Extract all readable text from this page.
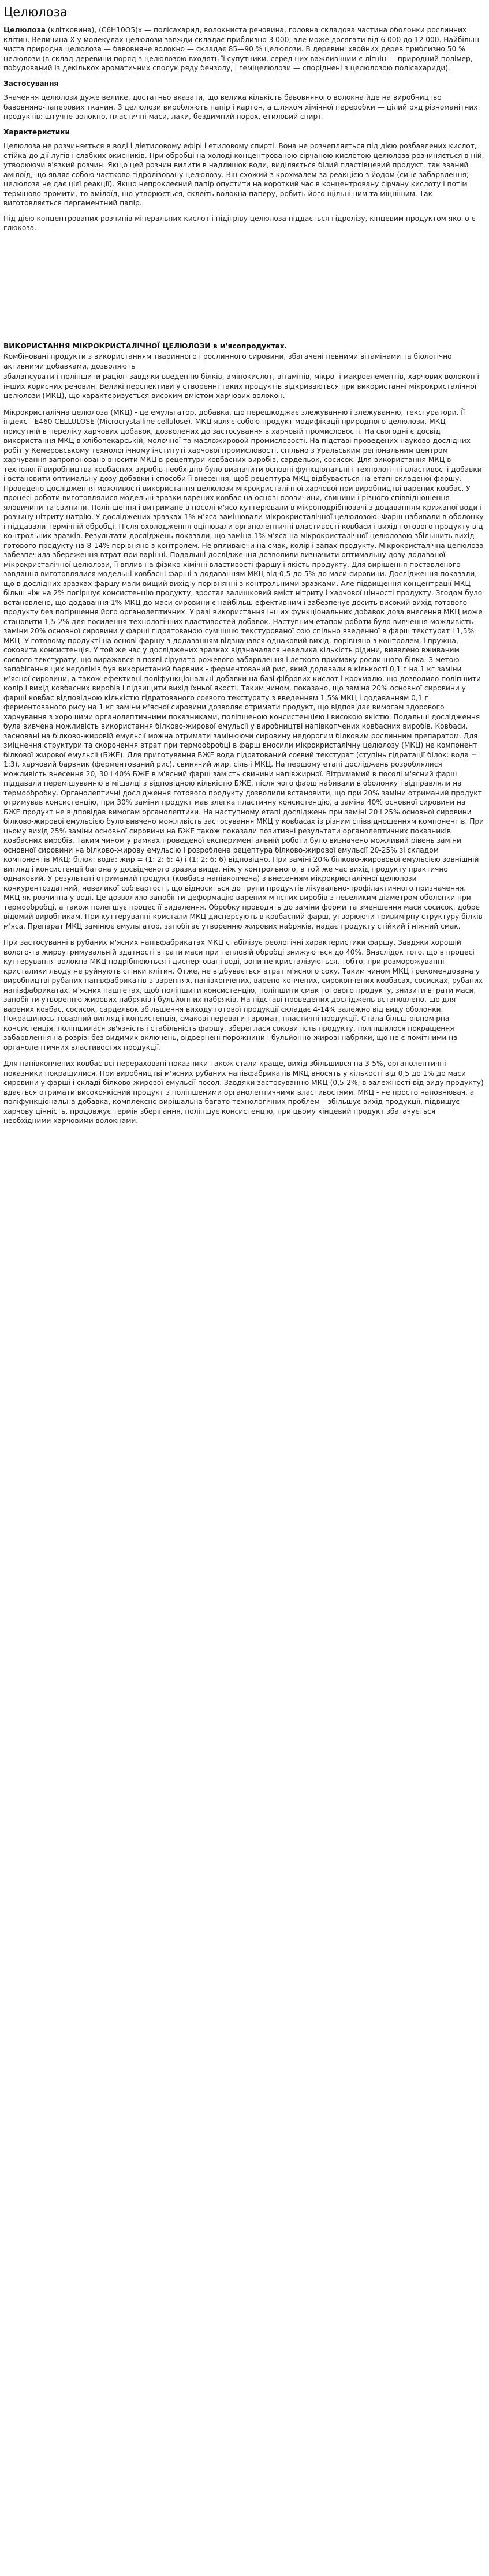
Целюлоза

Целюлоза (клітковина), (C6H10O5)x — полісахарид, волокниста речовина, головна складова частина оболонки рослинних клітин. Величина X у молекулах целюлози завжди складає приблизно 3 000, але може досягати від 6 000 до 12 000. Найбільш чиста природна целюлоза — бавовняне волокно — складає 85—90 % целюлози. В деревині хвойних дерев приблизно 50 % целюлози (в склад деревини поряд з целюлозою входять її супутники, серед них важливішим є лігнін — природний полімер, побудований із декількох ароматичних сполук ряду бензолу, і геміцелюлози — споріднені з целюлозою полісахариди).

Застосування

Значення целюлози дуже велике, достатньо вказати, що велика кількість бавовняного волокна йде на виробництво бавовняно-паперових тканин. З целюлози виробляють папір і картон, а шляхом хімічної переробки — цілий ряд різноманітних продуктів: штучне волокно, пластичні маси, лаки, бездимний порох, етиловий спирт.

Характеристики

Целюлоза не розчиняється в воді і діетиловому ефірі і етиловому спирті. Вона не розчепляється під дією розбавлених кислот, стійка до дії лугів і слабких окисників. При обробці на холоді концентрованою сірчаною кислотою целюлоза розчиняється в ній, утворюючи в'язкий розчин. Якщо цей розчин вилити в надлишок води, виділяється білий пластівцевий продукт, так званий амілоїд, що являє собою частково гідролізовану целюлозу. Він схожий з крохмалем за реакцією з йодом (синє забарвлення; целюлоза не дає цієї реакції). Якщо непроклеєний папір опустити на короткий час в концентровану сірчану кислоту і потім терміново промити, то амілоїд, що утворюється, склеїть волокна паперу, робить його щільнішим та міцнішим. Так виготовляється пергаментний папір.

Під дією концентрованих розчинів мінеральних кислот і підігріву целюлоза піддається гідролізу, кінцевим продуктом якого є глюкоза.

ВИКОРИСТАННЯ МІКРОКРИСТАЛІЧНОЇ ЦЕЛЮЛОЗИ в м'ясопродуктах.

Комбіновані продукти з використанням тваринного і рослинного сировини, збагачені певними вітамінами та біологічно активними добавками, дозволяють

збалансувати і поліпшити раціон завдяки введенню білків, амінокислот, вітамінів, мікро- і макроелементів, харчових волокон і інших корисних речовин. Великі перспективи у створенні таких продуктів відкриваються при використанні мікрокристалічної целюлози (МКЦ), що характеризується високим вмістом харчових волокон.

Мікрокристалічна целюлоза (МКЦ) - це емульгатор, добавка, що перешкоджає злежуванню і злежуванню, текстуратори. Її індекс - Е460 CELLULOSE (Microcrystalline cellulose). МКЦ являє собою продукт модифікації природного целюлози. МКЦ присутній в переліку харчових добавок, дозволених до застосування в харчовій промисловості. На сьогодні є досвід використання МКЦ в хлібопекарській, молочної та масложировой промисловості. На підставі проведених науково-дослідних робіт у Кемеровському технологічному інституті харчової промисловості, спільно з Уральським регіональним центром харчування запропоновано вносити МКЦ в рецептури ковбасних виробів, сардельок, сосисок. Для використання МКЦ в технології виробництва ковбасних виробів необхідно було визначити основні функціональні і технологічні властивості добавки і встановити оптимальну дозу добавки і способи її внесення, щоб рецептура МКЦ відбувається на етапі складеної фаршу. Проведено дослідження можливості використання целюлози мікрокристалічної харчової при виробництві варених ковбас. У процесі роботи виготовлялися модельні зразки варених ковбас на основі яловичини, свинини і різного співвідношення яловичини та свинини. Поліпшення і витримане в посолі м'ясо куттерювали в мікроподрібнювачі з додаванням крижаної води і розчину нітриту натрію. У досліджених зразках 1% м'яса замінювали мікрокристалічної целюлозою. Фарш набивали в оболонку і піддавали термічній обробці. Після охолодження оцінювали органолептичні властивості ковбаси і вихід готового продукту від контрольних зразків. Результати досліджень показали, що заміна 1% м'яса на мікрокристалічної целюлозою збільшить вихід готового продукту на 8-14% порівняно з контролем. Не впливаючи на смак, колір і запах продукту. Мікрокристалічна целюлоза забезпечила збереження втрат при варінні. Подальші дослідження дозволили визначити оптимальну дозу додаваної мікрокристалічної целюлози, її вплив на фізико-хімічні властивості фаршу і якість продукту. Для вирішення поставленого завдання виготовлялися модельні ковбасні фарші з додаванням МКЦ від 0,5 до 5% до маси сировини. Дослідження показали, що в дослідних зразках фаршу мали вищий вихід у порівнянні з контрольними зразками. Але підвищення концентрації МКЦ більш ніж на 2% погіршує консистенцію продукту, зростає залишковий вміст нітриту і харчової цінності продукту. Згодом було встановлено, що додавання 1% МКЦ до маси сировини є найбільш ефективним і забезпечує досить високий вихід готового продукту без погіршення його органолептичних. У разі використання інших функціональних добавок доза внесення МКЦ може становити 1,5-2% для посилення технологічних властивостей добавок. Наступним етапом роботи було вивчення можливість заміни 20% основної сировини у фарші гідратованою сумішшю текстурованої сою спільно введенної в фарш текстурат і 1,5% МКЦ. У готовому продукті на основі фаршу з додаванням відзначався однаковий вихід, порівняно з контролем, і пружна, соковита консистенція. У той же час у досліджених зразках відзначалася невелика кількість рідини, виявлено вживаним соєвого текстурату, що виражався в появі сірувато-рожевого забарвлення і легкого присмаку рослинного білка. З метою запобігання цих недоліків був використаний барвник - ферментований рис, який додавали в кількості 0,1 г на 1 кг заміни м'ясної сировини, а також ефективні поліфункціональні добавки на базі фібрових кислот і крохмалю, що дозволило поліпшити колір і вихід ковбасних виробів і підвищити вихід їхньої якості. Таким чином, показано, що заміна 20% основної сировини у фарші ковбас відповідною кількістю гідратованого соєвого текстурату з введенням 1,5% МКЦ і додаванням 0,1 г ферментованого рису на 1 кг заміни м'ясної сировини дозволяє отримати продукт, що відповідає вимогам здорового харчування з хорошими органолептичними показниками, поліпшеною консистенцією і високою якістю. Подальші дослідження була вивчена можливість використання білково-жирової емульсії у виробництві напівкопчених ковбасних виробів. Ковбаси, засновані на білково-жировій емульсії можна отримати замінюючи сировину недорогим білковим рослинним препаратом. Для зміцнення структури та скорочення втрат при термообробці в фарш вносили мікрокристалічну целюлозу (МКЦ) не компонент білкової жирової емульсії (БЖЕ). Для приготування БЖЕ вода гідратований соєвий текстурат (ступінь гідратації білок: вода = 1:3), харчовий барвник (ферментований рис), свинячий жир, сіль і МКЦ. На першому етапі досліджень розроблялися можливість внесення 20, 30 і 40% БЖЕ в м'ясний фарш замість свинини напівжирної. Вітримамий в посолі м'ясний фарш піддавали перемішуванню в мішалці з відповідною кількістю БЖЕ, після чого фарш набивали в оболонку і відправляли на термообробку. Органолептичні дослідження готового продукту дозволили встановити, що при 20% заміни отриманий продукт отримував консистенцію, при 30% заміни продукт мав злегка пластичну консистенцію, а заміна 40% основної сировини на БЖЕ продукт не відповідав вимогам органолептики. На наступному етапі досліджень при заміні 20 і 25% основної сировини білково-жирової емульсією було вивчено можливість застосування МКЦ у ковбасах із різним співвідношенням компонентів. При цьому вихід 25% заміни основної сировини на БЖЕ також показали позитивні результати органолептичних показників ковбасних виробів. Таким чином у рамках проведеної експериментальній роботи було визначено можливий рівень заміни основної сировини на білково-жирову емульсію і розроблена рецептура білково-жирової емульсії 20-25% зі складом компонентів МКЦ: білок: вода: жир = (1: 2: 6: 4) і (1: 2: 6: 6) відповідно. При заміні 20% білково-жировової емульсією зовнішній вигляд і консистенції батона у досвідченого зразка вище, ніж у контрольного, в той же час вихід продукту практично однаковий. У результаті отриманий продукт (ковбаса напівкопчена) з внесенням мікрокристалічної целюлози конкурентоздатний, невеликої собівартості, що відноситься до групи продуктів лікувально-профілактичного призначення. МКЦ як розчинна у воді. Це дозволило запобігти деформацію варених м'ясних виробів з невеликим діаметром оболонки при термообробці, а також полегшує процес її видалення. Обробку проводять до заміни форми та зменшення маси сосисок, добре відомий виробникам. При куттеруванні кристали МКЦ дисперсують в ковбасний фарш, утворюючи тривимірну структуру білків м'яса. Препарат МКЦ замінює емульгатор, запобігає утворенню жирових набряків, надає продукту стійкий і ніжний смак.

При застосуванні в рубаних м'ясних напівфабрикатах МКЦ стабілізує реологічні характеристики фаршу. Завдяки хорошій волого-та жироутримувальній здатності втрати маси при тепловій обробці знижуються до 40%. Внаслідок того, що в процесі куттерування волокна МКЦ подрібнюються і дисперговані воді, вони не кристалізуються, тобто, при розморожуванні кристалики льоду не руйнують стінки клітин. Отже, не відбувається втрат м'ясного соку. Таким чином МКЦ і рекомендована у виробництві рубаних напівфабрикатів в вареннях, напівкопчених, варено-копчених, сирокопчених ковбасах, сосисках, рубаних напівфабрикатах, м'ясних паштетах, щоб поліпшити консистенцію, поліпшити смак готового продукту, знизити втрати маси, запобігти утворенню жирових набряків і бульйонних набряків. На підставі проведених досліджень встановлено, що для варених ковбас, сосисок, сардельок збільшення виходу готової продукції складає 4-14% залежно від виду оболонки. Покращилось товарний вигляд і консистенція, смакові переваги і аромат, пластичні продукції. Стала більш рівномірна консистенція, поліпшилася зв'язність і стабільність фаршу, збереглася соковитість продукту, поліпшилося покращення забарвлення на розрізі без видимих включень, відвернені порожнини і бульйонно-жирові набряки, що не є помітними на органолептичних властивостях продукції.

Для напівкопчених ковбас всі перераховані показники також стали краще, вихід збільшився на 3-5%, органолептичні показники покращилися. При виробництві м'ясних рубаних напівфабрикатів МКЦ вносять у кількості від 0,5 до 1% до маси сировини у фарші і складі білково-жирової емульсії посол. Завдяки застосуванню МКЦ (0,5-2%, в залежності від виду продукту) вдається отримати високоякісний продукт з поліпшеними органолептичними властивостями. МКЦ - не просто наповнювач, а поліфункціональна добавка, комплексно вирішальна багато технологічних проблем – збільшує вихід продукції, підвищує харчову цінність, продовжує термін зберігання, поліпшує консистенцію, при цьому кінцевий продукт збагачується необхідними харчовими волокнами.
